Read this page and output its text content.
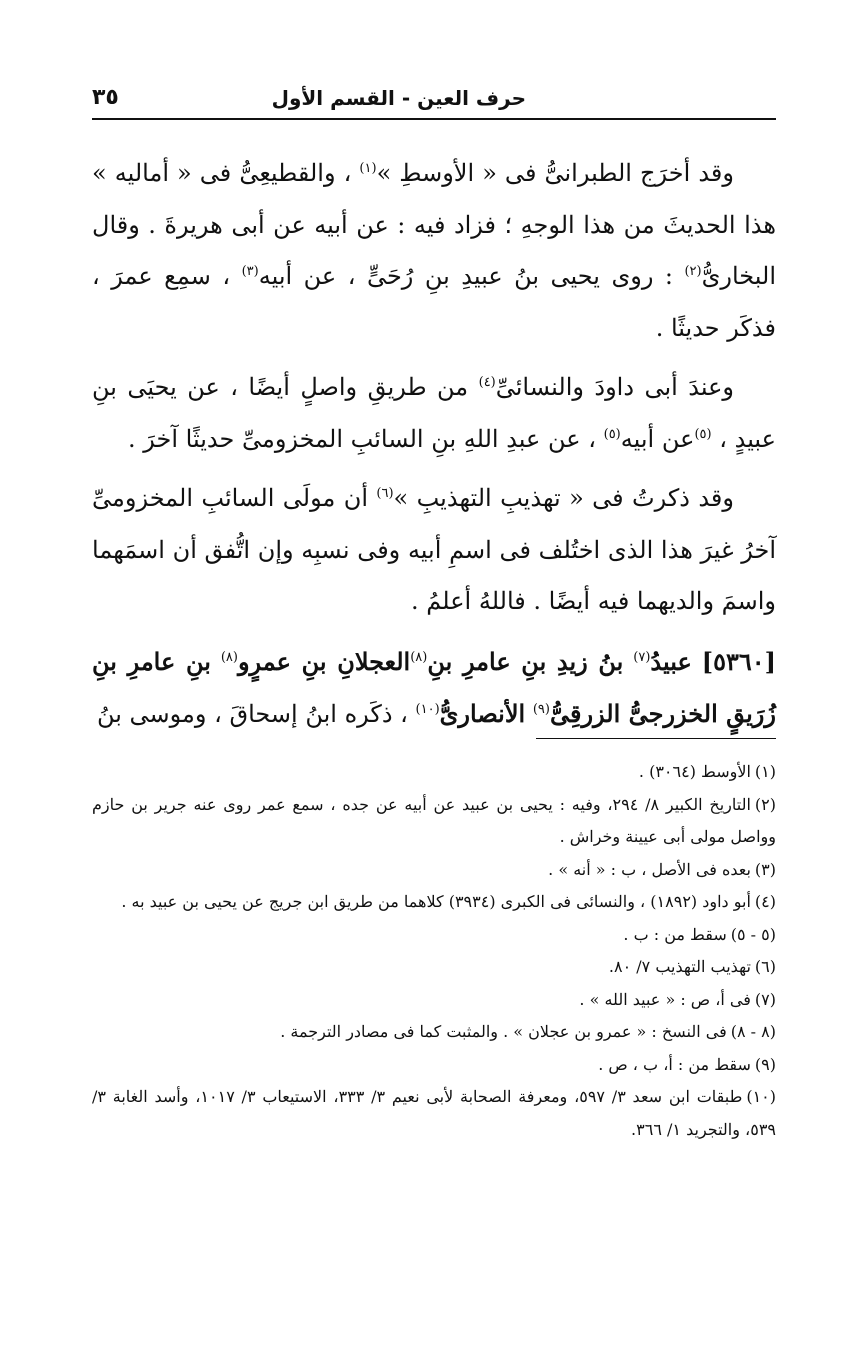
حرف العين - القسم الأول
٣٥

وقد أخرَج الطبرانىُّ فى « الأوسطِ »$^{(١)}$ ، والقطيعِىُّ فى « أماليه » هذا الحديثَ من هذا الوجهِ ؛ فزاد فيه : عن أبيه عن أبى هريرةَ . وقال البخارىُّ$^{(٢)}$ : روى يحيى بنُ عبيدِ بنِ رُحَىٍّ ، عن أبيه$^{(٣)}$ ، سمِع عمرَ ، فذكَر حديثًا .

وعندَ أبى داودَ والنسائىِّ$^{(٤)}$ من طريقِ واصلٍ أيضًا ، عن يحيَى بنِ عبيدٍ ، $^{(٥)}$عن أبيه$^{(٥)}$ ، عن عبدِ اللهِ بنِ السائبِ المخزومىِّ حديثًا آخرَ .

وقد ذكرتُ فى « تهذيبِ التهذيبِ »$^{(٦)}$ أن مولَى السائبِ المخزومىِّ آخرُ غيرَ هذا الذى اختُلف فى اسمِ أبيه وفى نسبِه وإن اتُّفق أن اسمَهما واسمَ والديهما فيه أيضًا . فاللهُ أعلمُ .

[٥٣٦٠] عبيدُ$^{(٧)}$ بنُ زيدِ بنِ عامرِ بنِ$^{(٨)}$العجلانِ بنِ عمرٍو$^{(٨)}$ بنِ عامرِ بنِ زُرَيقٍ الخزرجىُّ الزرقِىُّ$^{(٩)}$ الأنصارىُّ$^{(١٠)}$ ، ذكَره ابنُ إسحاقَ ، وموسى بنُ

(١)الأوسط (٣٠٦٤) .

(٢)التاريخ الكبير ٨/ ٢٩٤، وفيه : يحيى بن عبيد عن أبيه عن جده ، سمع عمر روى عنه جرير بن حازم وواصل مولى أبى عيينة وخراش .

(٣)بعده فى الأصل ، ب : « أنه » .

(٤)أبو داود (١٨٩٢) ، والنسائى فى الكبرى (٣٩٣٤) كلاهما من طريق ابن جريج عن يحيى بن عبيد به .

(٥ - ٥)سقط من : ب .

(٦)تهذيب التهذيب ٧/ ٨٠.

(٧)فى أ، ص : « عبيد الله » .

(٨ - ٨)فى النسخ : « عمرو بن عجلان » . والمثبت كما فى مصادر الترجمة .

(٩)سقط من : أ، ب ، ص .

(١٠)طبقات ابن سعد ٣/ ٥٩٧، ومعرفة الصحابة لأبى نعيم ٣/ ٣٣٣، الاستيعاب ٣/ ١٠١٧، وأسد الغابة ٣/ ٥٣٩، والتجريد ١/ ٣٦٦.
